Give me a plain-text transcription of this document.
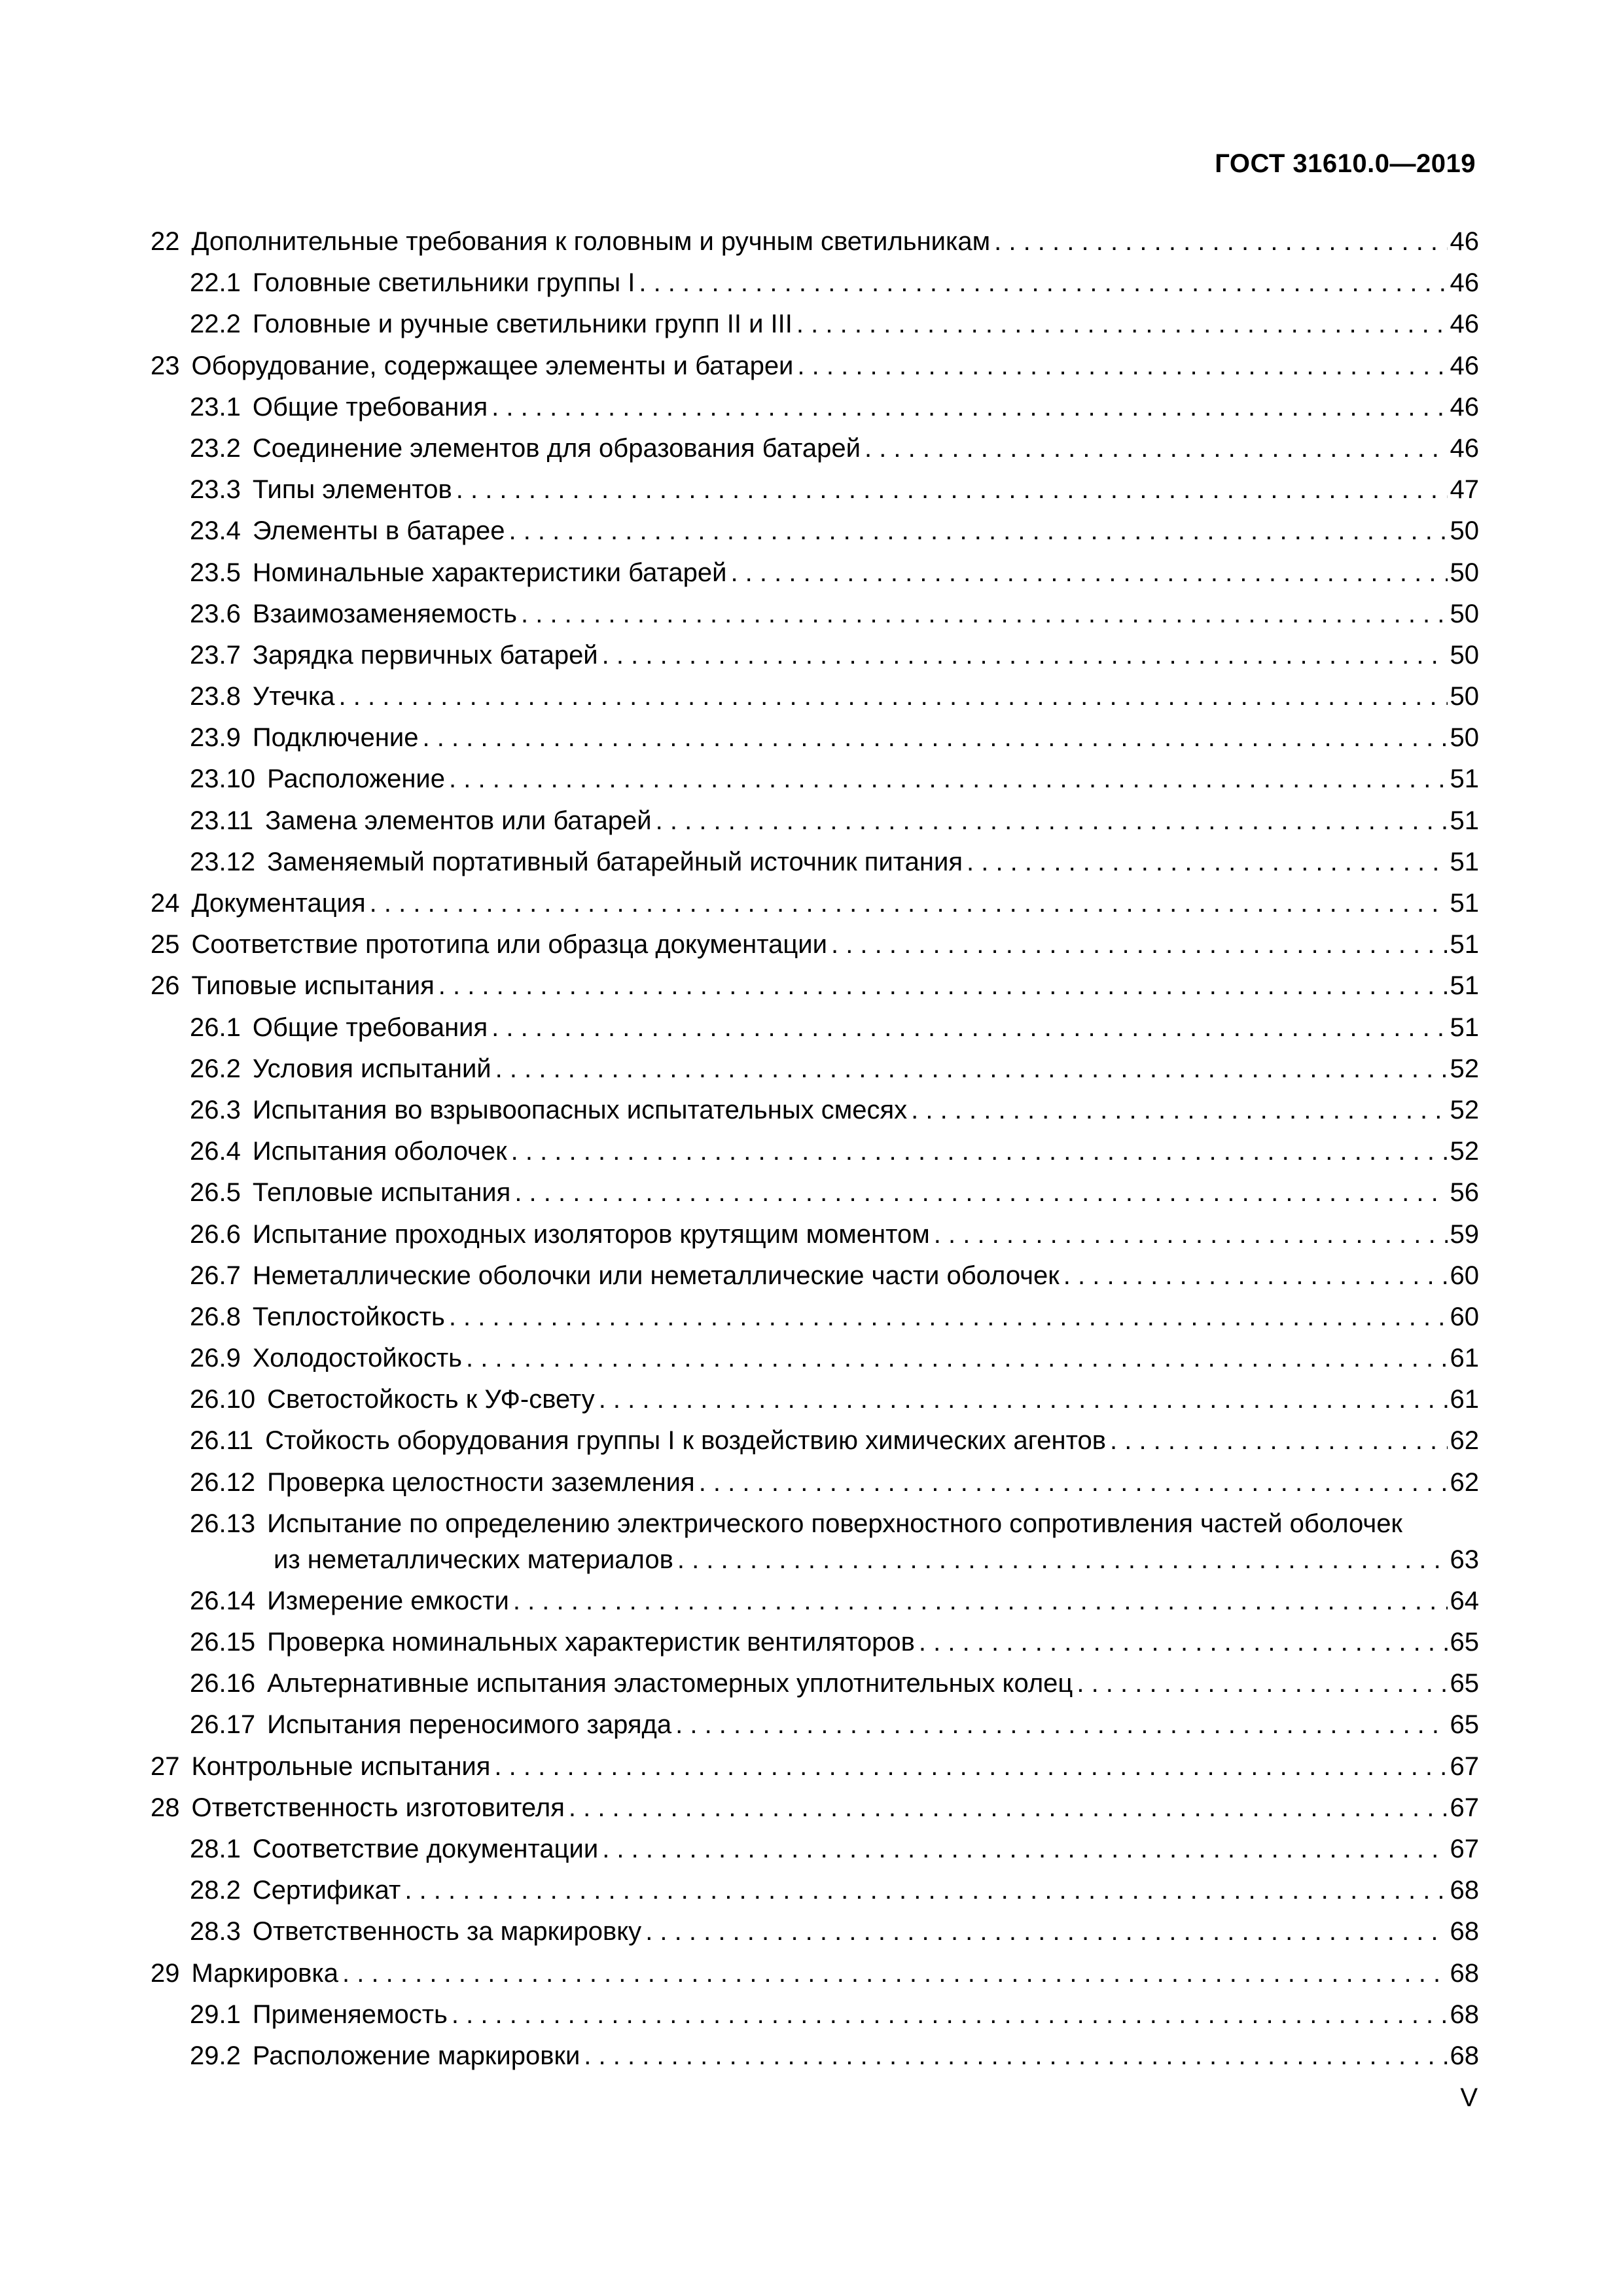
ГОСТ 31610.0—2019
22 Дополнительные требования к головным и ручным светильникам . . .	46
22.1 Головные светильники группы I . . .	46
22.2 Головные и ручные светильники групп II и III . . .	46
23 Оборудование, содержащее элементы и батареи . . .	46
23.1 Общие требования . . .	46
23.2 Соединение элементов для образования батарей . . .	46
23.3 Типы элементов . . .	47
23.4 Элементы в батарее . . .	50
23.5 Номинальные характеристики батарей . . .	50
23.6 Взаимозаменяемость . . .	50
23.7 Зарядка первичных батарей . . .	50
23.8 Утечка . . .	50
23.9 Подключение . . .	50
23.10 Расположение . . .	51
23.11 Замена элементов или батарей . . .	51
23.12 Заменяемый портативный батарейный источник питания . . .	51
24 Документация . . .	51
25 Соответствие прототипа или образца документации . . .	51
26 Типовые испытания . . .	51
26.1 Общие требования . . .	51
26.2 Условия испытаний . . .	52
26.3 Испытания во взрывоопасных испытательных смесях . . .	52
26.4 Испытания оболочек . . .	52
26.5 Тепловые испытания . . .	56
26.6 Испытание проходных изоляторов крутящим моментом . . .	59
26.7 Неметаллические оболочки или неметаллические части оболочек . . .	60
26.8 Теплостойкость . . .	60
26.9 Холодостойкость . . .	61
26.10 Светостойкость к УФ-свету . . .	61
26.11 Стойкость оборудования группы I к воздействию химических агентов . . .	62
26.12 Проверка целостности заземления . . .	62
26.13 Испытание по определению электрического поверхностного сопротивления частей оболочек
из неметаллических материалов . . .	63
26.14 Измерение емкости . . .	64
26.15 Проверка номинальных характеристик вентиляторов . . .	65
26.16 Альтернативные испытания эластомерных уплотнительных колец . . .	65
26.17 Испытания переносимого заряда . . .	65
27 Контрольные испытания . . .	67
28 Ответственность изготовителя . . .	67
28.1 Соответствие документации . . .	67
28.2 Сертификат . . .	68
28.3 Ответственность за маркировку . . .	68
29 Маркировка . . .	68
29.1 Применяемость . . .	68
29.2 Расположение маркировки . . .	68
V
